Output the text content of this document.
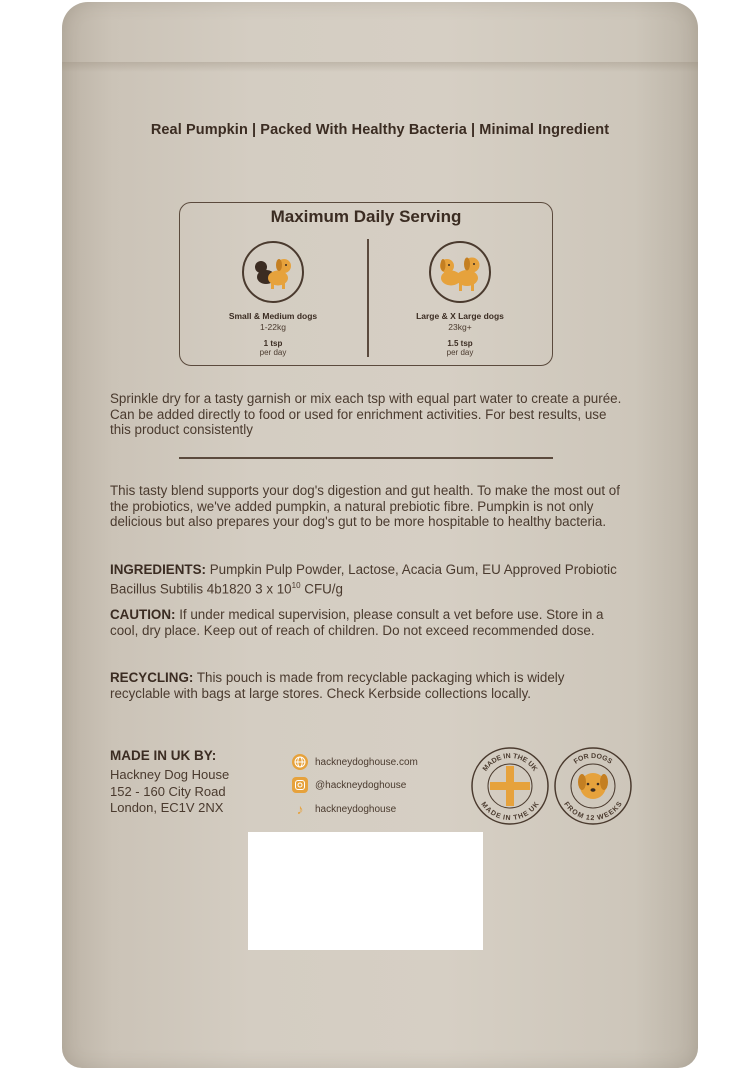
Real Pumpkin | Packed With Healthy Bacteria | Minimal Ingredient
Maximum Daily Serving
Small & Medium dogs
1-22kg
1 tsp
per day
Large & X Large dogs
23kg+
1.5 tsp
per day
Sprinkle dry for a tasty garnish or mix each tsp with equal part water to create a purée. Can be added directly to food or used for enrichment activities. For best results, use this product consistently
This tasty blend supports your dog's digestion and gut health. To make the most out of the probiotics, we've added pumpkin, a natural prebiotic fibre. Pumpkin is not only delicious but also prepares your dog's gut to be more hospitable to healthy bacteria.
INGREDIENTS: Pumpkin Pulp Powder, Lactose, Acacia Gum, EU Approved Probiotic Bacillus Subtilis 4b1820 3 x $10^{10}$ CFU/g
CAUTION: If under medical supervision, please consult a vet before use. Store in a cool, dry place. Keep out of reach of children. Do not exceed recommended dose.
RECYCLING: This pouch is made from recyclable packaging which is widely recyclable with bags at large stores. Check Kerbside collections locally.
MADE IN UK BY:
Hackney Dog House
152 - 160 City Road
London, EC1V 2NX
hackneydoghouse.com
@hackneydoghouse
♪	hackneydoghouse
MADE IN THE UK
MADE IN THE UK
FOR DOGS
FROM 12 WEEKS
